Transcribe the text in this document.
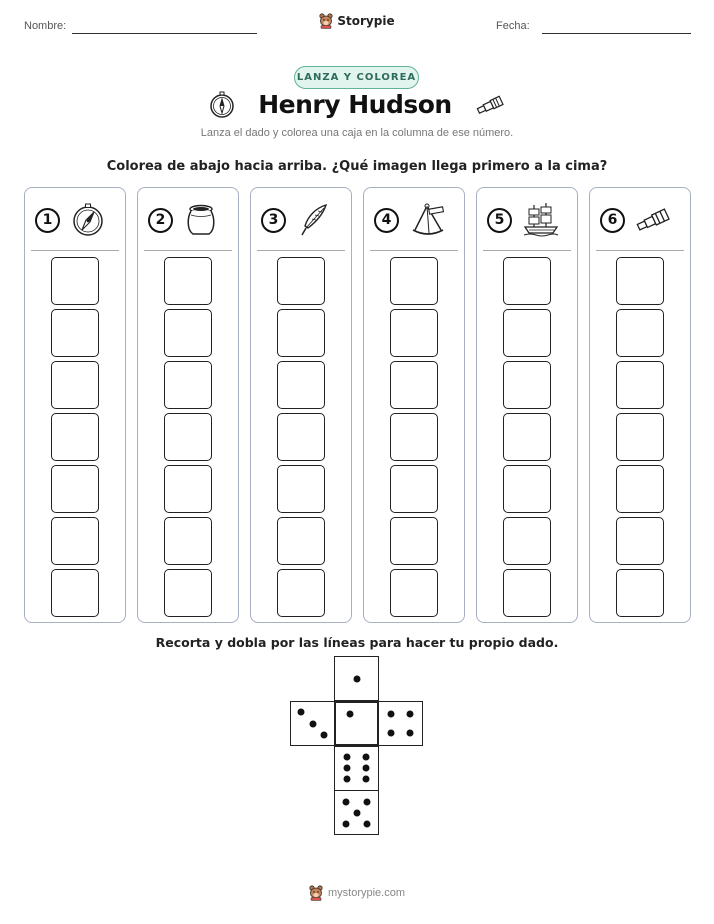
Nombre:	Storypie	Fecha:
LANZA Y COLOREA
Henry Hudson
Lanza el dado y colorea una caja en la columna de ese número.
Colorea de abajo hacia arriba. ¿Qué imagen llega primero a la cima?
1	2	3	4	5	6
Recorta y dobla por las líneas para hacer tu propio dado.
mystorypie.com
